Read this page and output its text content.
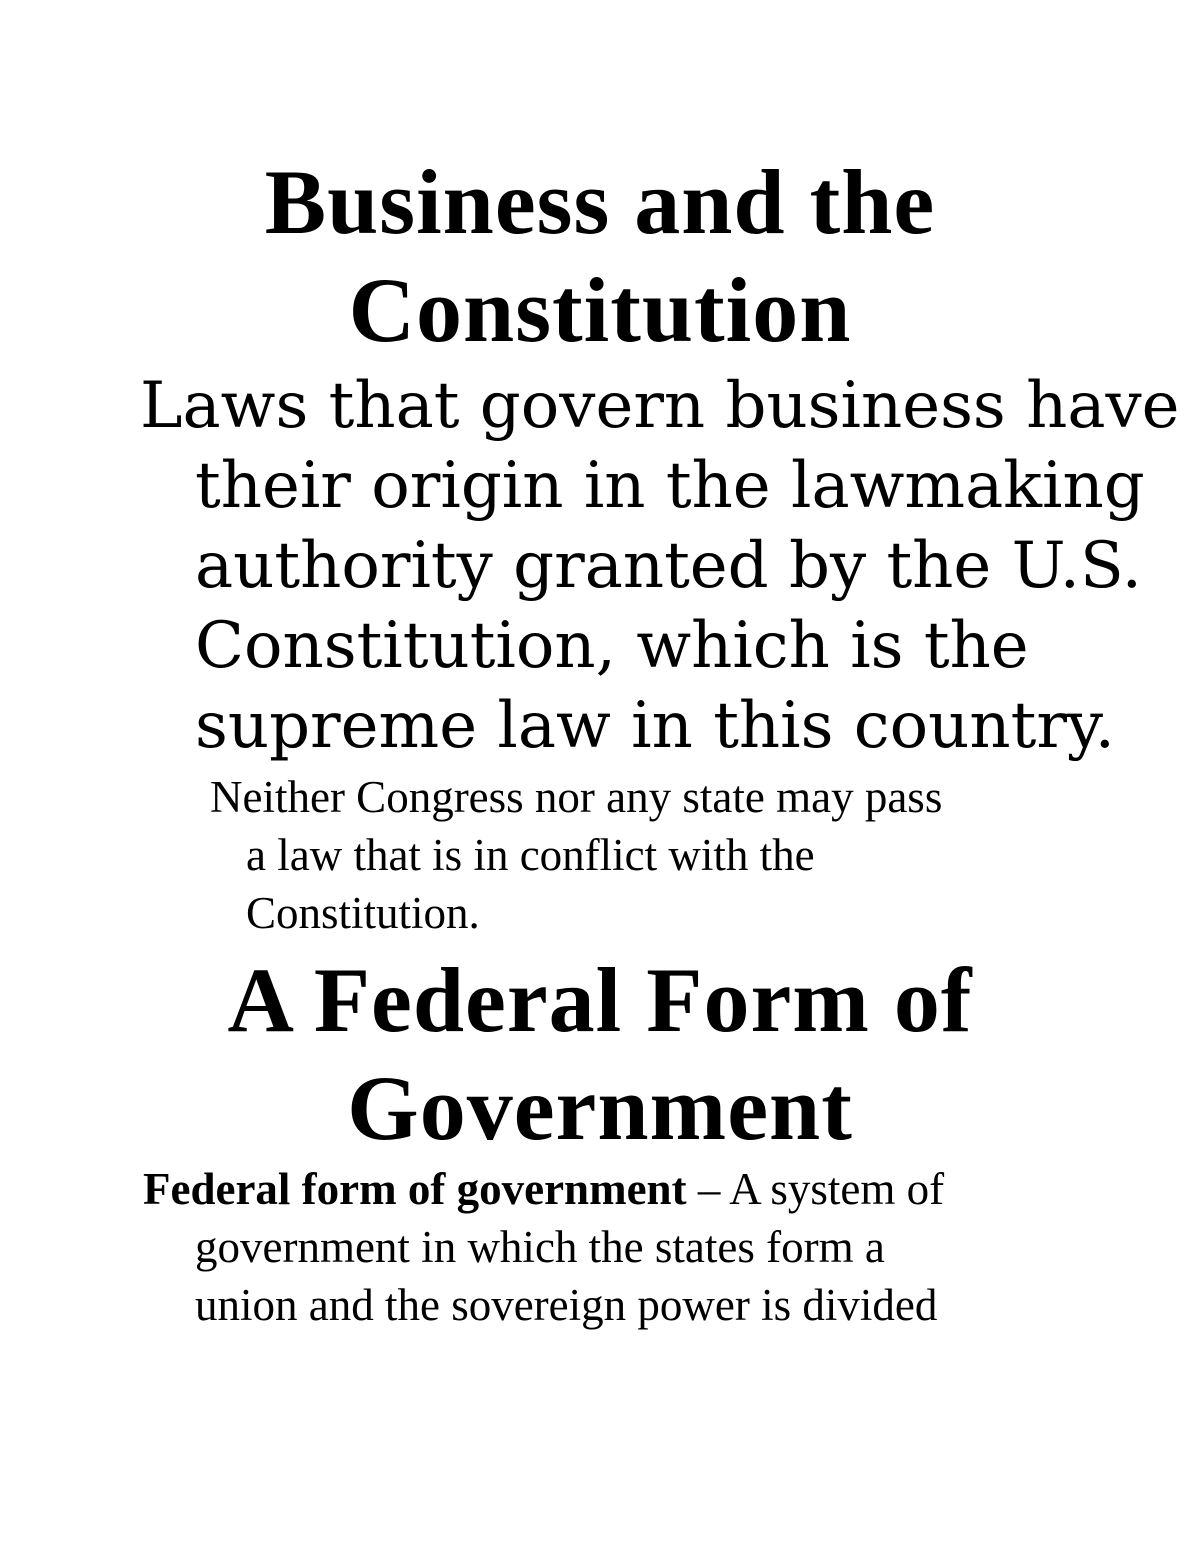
Business and the
Constitution

Laws that govern business have

their origin in the lawmaking

authority granted by the U.S.

Constitution, which is the

supreme law in this country.

Neither Congress nor any state may pass

a law that is in conflict with the

Constitution.

A Federal Form of
Government

Federal form of government – A system of

government in which the states form a

union and the sovereign power is divided
